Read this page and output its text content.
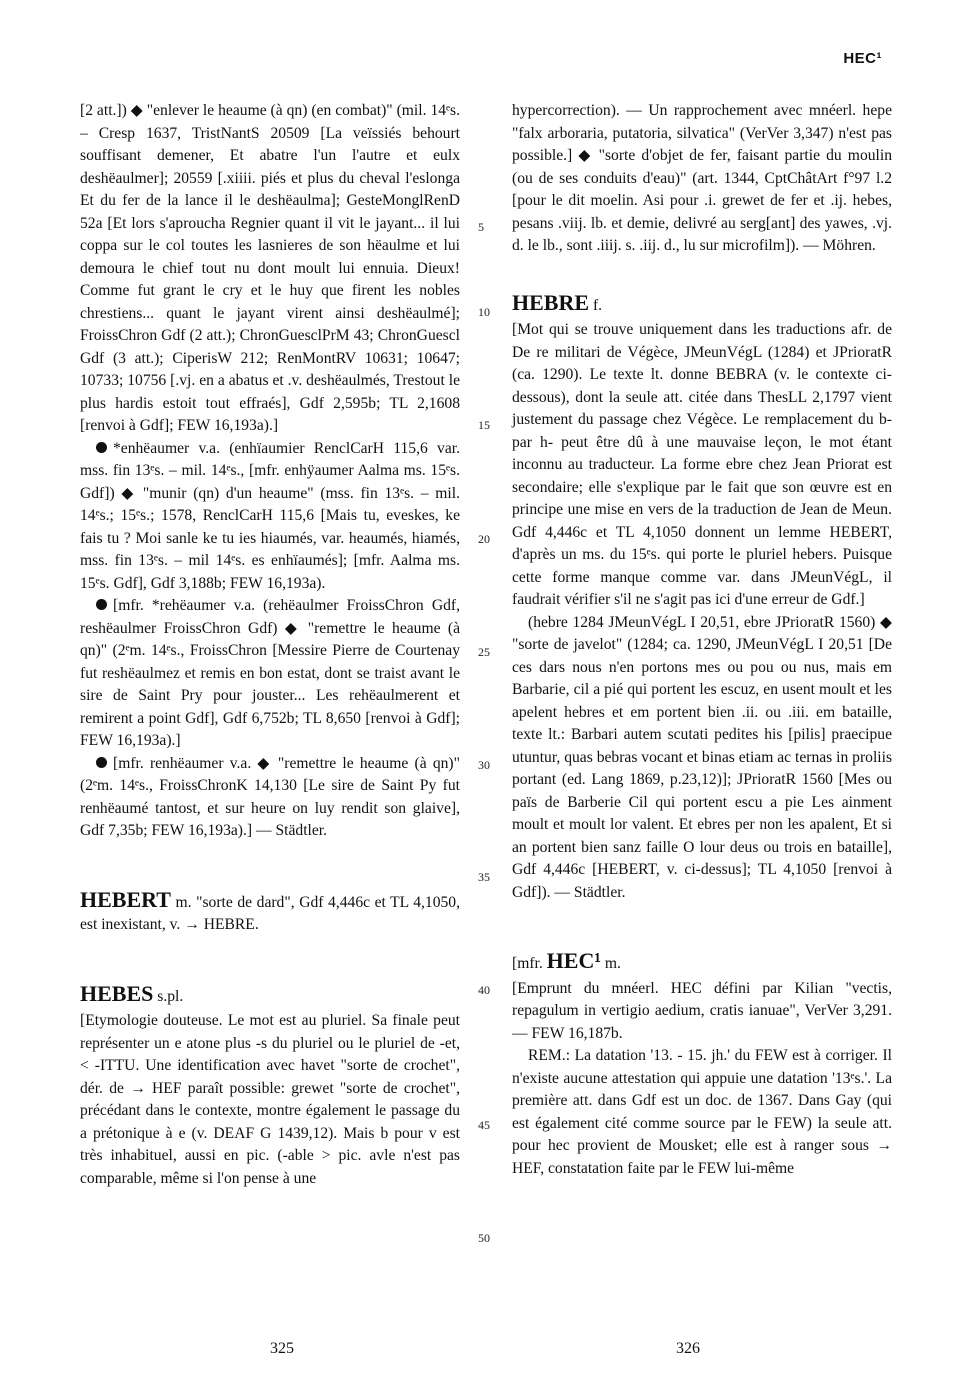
HEC¹

[2 att.]) ◆ "enlever le heaume (à qn) (en combat)" (mil. 14ᵉs. – Cresp 1637, TristNantS 20509 [La veïssiés behourt souffisant demener, Et abatre l'un l'autre et eulx deshëaulmer]; 20559 [.xiiii. piés et plus du cheval l'eslonga Et du fer de la lance il le deshëaulma]; GesteMonglRenD 52a [Et lors s'aproucha Regnier quant il vit le jayant... il lui coppa sur le col toutes les lasnieres de son hëaulme et lui demoura le chief tout nu dont moult lui ennuia. Dieux! Comme fut grant le cry et le huy que firent les nobles chrestiens... quant le jayant virent ainsi deshëaulmé]; FroissChron Gdf (2 att.); ChronGuesclPrM 43; ChronGuescl Gdf (3 att.); CiperisW 212; RenMontRV 10631; 10647; 10733; 10756 [.vj. en a abatus et .v. deshëaulmés, Trestout le plus hardis estoit tout effraés], Gdf 2,595b; TL 2,1608 [renvoi à Gdf]; FEW 16,193a).]

*enhëaumer v.a. (enhïaumier RenclCarH 115,6 var. mss. fin 13ᵉs. – mil. 14ᵉs., [mfr. enhÿaumer Aalma ms. 15ᵉs. Gdf]) ◆ "munir (qn) d'un heaume" (mss. fin 13ᵉs. – mil. 14ᵉs.; 15ᵉs.; 1578, RenclCarH 115,6 [Mais tu, eveskes, ke fais tu ? Moi sanle ke tu ies hiaumés, var. heaumés, hiamés, mss. fin 13ᵉs. – mil 14ᵉs. es enhïaumés]; [mfr. Aalma ms. 15ᵉs. Gdf], Gdf 3,188b; FEW 16,193a).

[mfr. *rehëaumer v.a. (rehëaulmer FroissChron Gdf, reshëaulmer FroissChron Gdf) ◆ "remettre le heaume (à qn)" (2ᵉm. 14ᵉs., FroissChron [Messire Pierre de Courtenay fut reshëaulmez et remis en bon estat, dont se traist avant le sire de Saint Pry pour jouster... Les rehëaulmerent et remirent a point Gdf], Gdf 6,752b; TL 8,650 [renvoi à Gdf]; FEW 16,193a).]

[mfr. renhëaumer v.a. ◆ "remettre le heaume (à qn)" (2ᵉm. 14ᵉs., FroissChronK 14,130 [Le sire de Saint Py fut renhëaumé tantost, et sur heure on luy rendit son glaive], Gdf 7,35b; FEW 16,193a).] — Städtler.

HEBERT m. "sorte de dard", Gdf 4,446c et TL 4,1050, est inexistant, v. → HEBRE.

HEBES s.pl.

[Etymologie douteuse. Le mot est au pluriel. Sa finale peut représenter un e atone plus -s du pluriel ou le pluriel de -et, < -ITTU. Une identification avec havet "sorte de crochet", dér. de → HEF paraît possible: grewet "sorte de crochet", précédant dans le contexte, montre également le passage du a prétonique à e (v. DEAF G 1439,12). Mais b pour v est très inhabituel, aussi en pic. (-able > pic. avle n'est pas comparable, même si l'on pense à une

hypercorrection). — Un rapprochement avec mnéerl. hepe "falx arboraria, putatoria, silvatica" (VerVer 3,347) n'est pas possible.] ◆ "sorte d'objet de fer, faisant partie du moulin (ou de ses conduits d'eau)" (art. 1344, CptChâtArt f°97 l.2 [pour le dit moelin. Asi pour .i. grewet de fer et .ij. hebes, pesans .viij. lb. et demie, delivré au serg[ant] des yawes, .vj. d. le lb., sont .iiij. s. .iij. d., lu sur microfilm]). — Möhren.

HEBRE f.

[Mot qui se trouve uniquement dans les traductions afr. de De re militari de Végèce, JMeunVégL (1284) et JPrioratR (ca. 1290). Le texte lt. donne BEBRA (v. le contexte ci-dessous), dont la seule att. citée dans ThesLL 2,1797 vient justement du passage chez Végèce. Le remplacement du b- par h- peut être dû à une mauvaise leçon, le mot étant inconnu au traducteur. La forme ebre chez Jean Priorat est secondaire; elle s'explique par le fait que son œuvre est en principe une mise en vers de la traduction de Jean de Meun. Gdf 4,446c et TL 4,1050 donnent un lemme HEBERT, d'après un ms. du 15ᵉs. qui porte le pluriel hebers. Puisque cette forme manque comme var. dans JMeunVégL, il faudrait vérifier s'il ne s'agit pas ici d'une erreur de Gdf.]

(hebre 1284 JMeunVégL I 20,51, ebre JPrioratR 1560) ◆ "sorte de javelot" (1284; ca. 1290, JMeunVégL I 20,51 [De ces dars nous n'en portons mes ou pou ou nus, mais em Barbarie, cil a pié qui portent les escuz, en usent moult et les apelent hebres et em portent bien .ii. ou .iii. em bataille, texte lt.: Barbari autem scutati pedites his [pilis] praecipue utuntur, quas bebras vocant et binas etiam ac ternas in proliis portant (ed. Lang 1869, p.23,12)]; JPrioratR 1560 [Mes ou païs de Barberie Cil qui portent escu a pie Les ainment moult et moult lor valent. Et ebres per non les apalent, Et si an portent bien sanz faille O lour deus ou trois en bataille], Gdf 4,446c [HEBERT, v. ci-dessus]; TL 4,1050 [renvoi à Gdf]). — Städtler.

[mfr. HEC¹ m.

[Emprunt du mnéerl. HEC défini par Kilian "vectis, repagulum in vertigio aedium, cratis ianuae", VerVer 3,291. — FEW 16,187b.

REM.: La datation '13. - 15. jh.' du FEW est à corriger. Il n'existe aucune attestation qui appuie une datation '13ᵉs.'. La première att. dans Gdf est un doc. de 1367. Dans Gay (qui est également cité comme source par le FEW) la seule att. pour hec provient de Mousket; elle est à ranger sous → HEF, constatation faite par le FEW lui-même

5
10
15
20
25
30
35
40
45
50
325	326
